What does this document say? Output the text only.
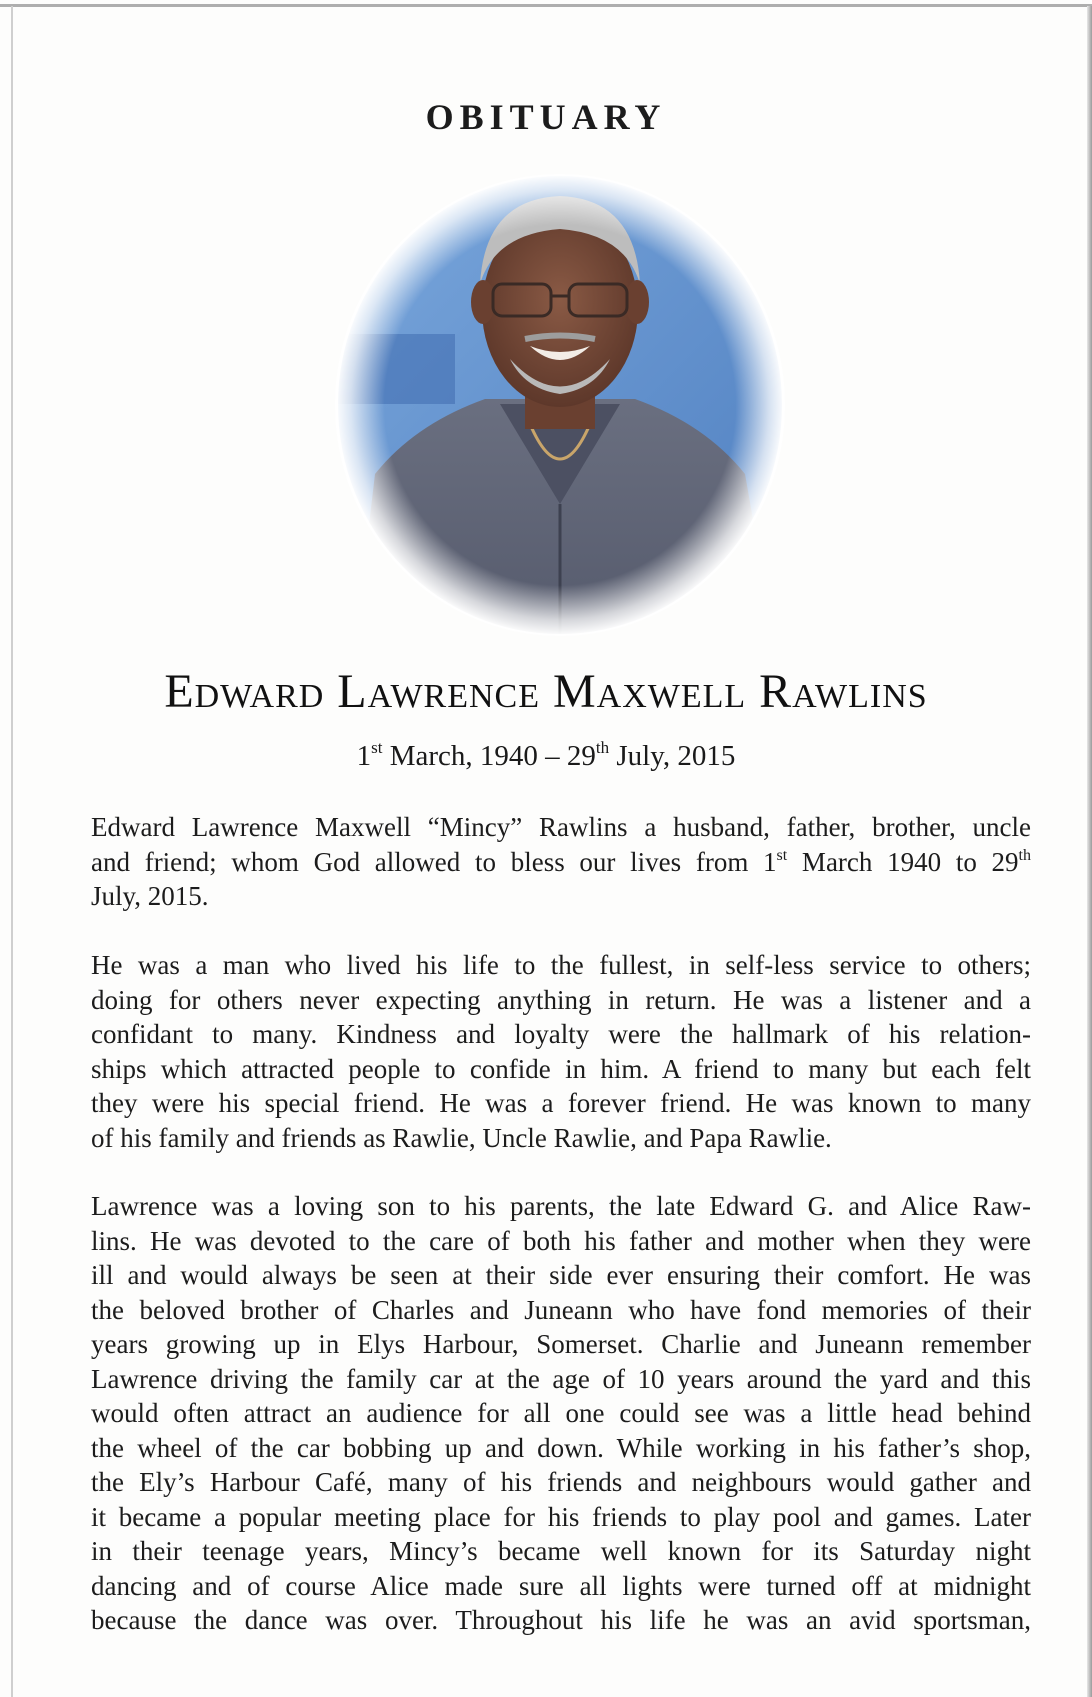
OBITUARY
Edward Lawrence Maxwell Rawlins
1st March, 1940 – 29th July, 2015

Edward Lawrence Maxwell “Mincy” Rawlins a husband, father, brother, uncle
and friend; whom God allowed to bless our lives from 1st March 1940 to 29th
July, 2015.

He was a man who lived his life to the fullest, in self-less service to others;
doing for others never expecting anything in return. He was a listener and a
confidant to many. Kindness and loyalty were the hallmark of his relation-
ships which attracted people to confide in him. A friend to many but each felt
they were his special friend. He was a forever friend. He was known to many
of his family and friends as Rawlie, Uncle Rawlie, and Papa Rawlie.

Lawrence was a loving son to his parents, the late Edward G. and Alice Raw-
lins. He was devoted to the care of both his father and mother when they were
ill and would always be seen at their side ever ensuring their comfort. He was
the beloved brother of Charles and Juneann who have fond memories of their
years growing up in Elys Harbour, Somerset. Charlie and Juneann remember
Lawrence driving the family car at the age of 10 years around the yard and this
would often attract an audience for all one could see was a little head behind
the wheel of the car bobbing up and down. While working in his father’s shop,
the Ely’s Harbour Café, many of his friends and neighbours would gather and
it became a popular meeting place for his friends to play pool and games. Later
in their teenage years, Mincy’s became well known for its Saturday night
dancing and of course Alice made sure all lights were turned off at midnight
because the dance was over. Throughout his life he was an avid sportsman,
